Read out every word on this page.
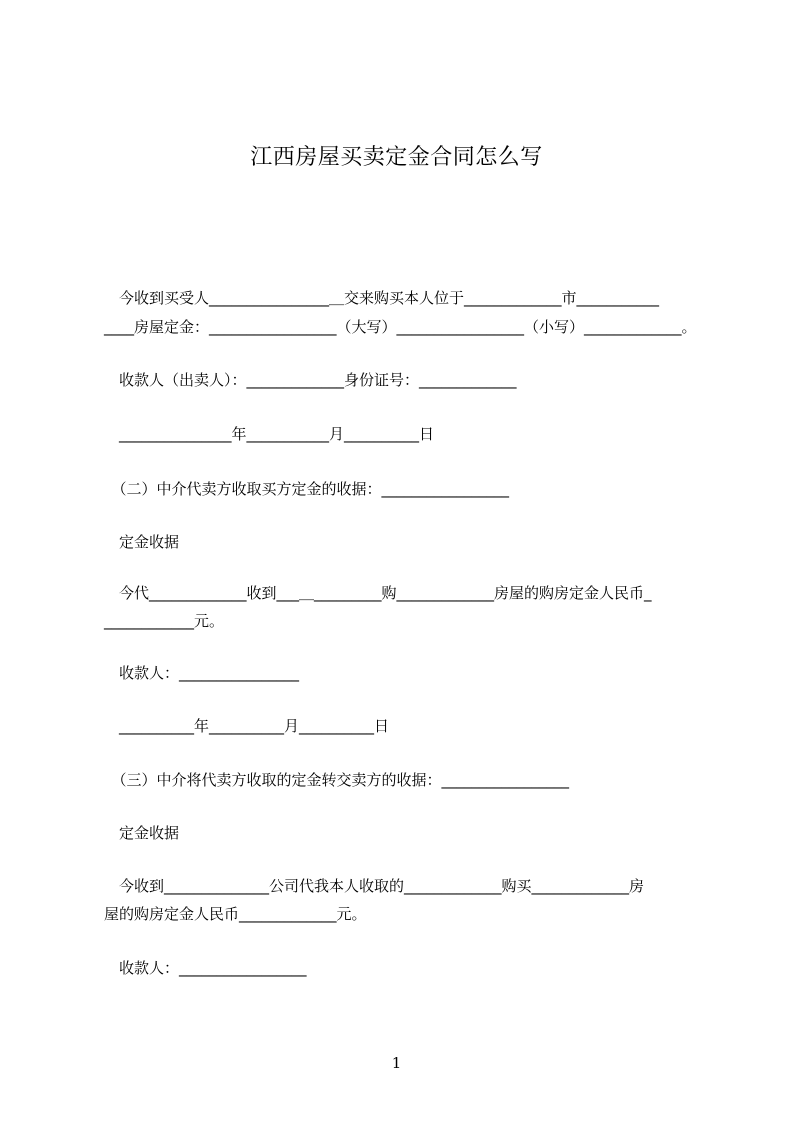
江西房屋买卖定金合同怎么写
　今收到买受人________________＿交来购买本人位于_____________市___________
____房屋定金：_________________（大写）_________________（小写）_____________。
　收款人（出卖人）：_____________身份证号：_____________
　_______________年___________月__________日
　（二）中介代卖方收取买方定金的收据：_________________
　定金收据
　今代_____________收到___＿_________购_____________房屋的购房定金人民币_
____________元。
　收款人：________________
　__________年__________月__________日
　（三）中介将代卖方收取的定金转交卖方的收据：_________________
　定金收据
　今收到______________公司代我本人收取的_____________购买_____________房
屋的购房定金人民币_____________元。
　收款人：_________________
1
